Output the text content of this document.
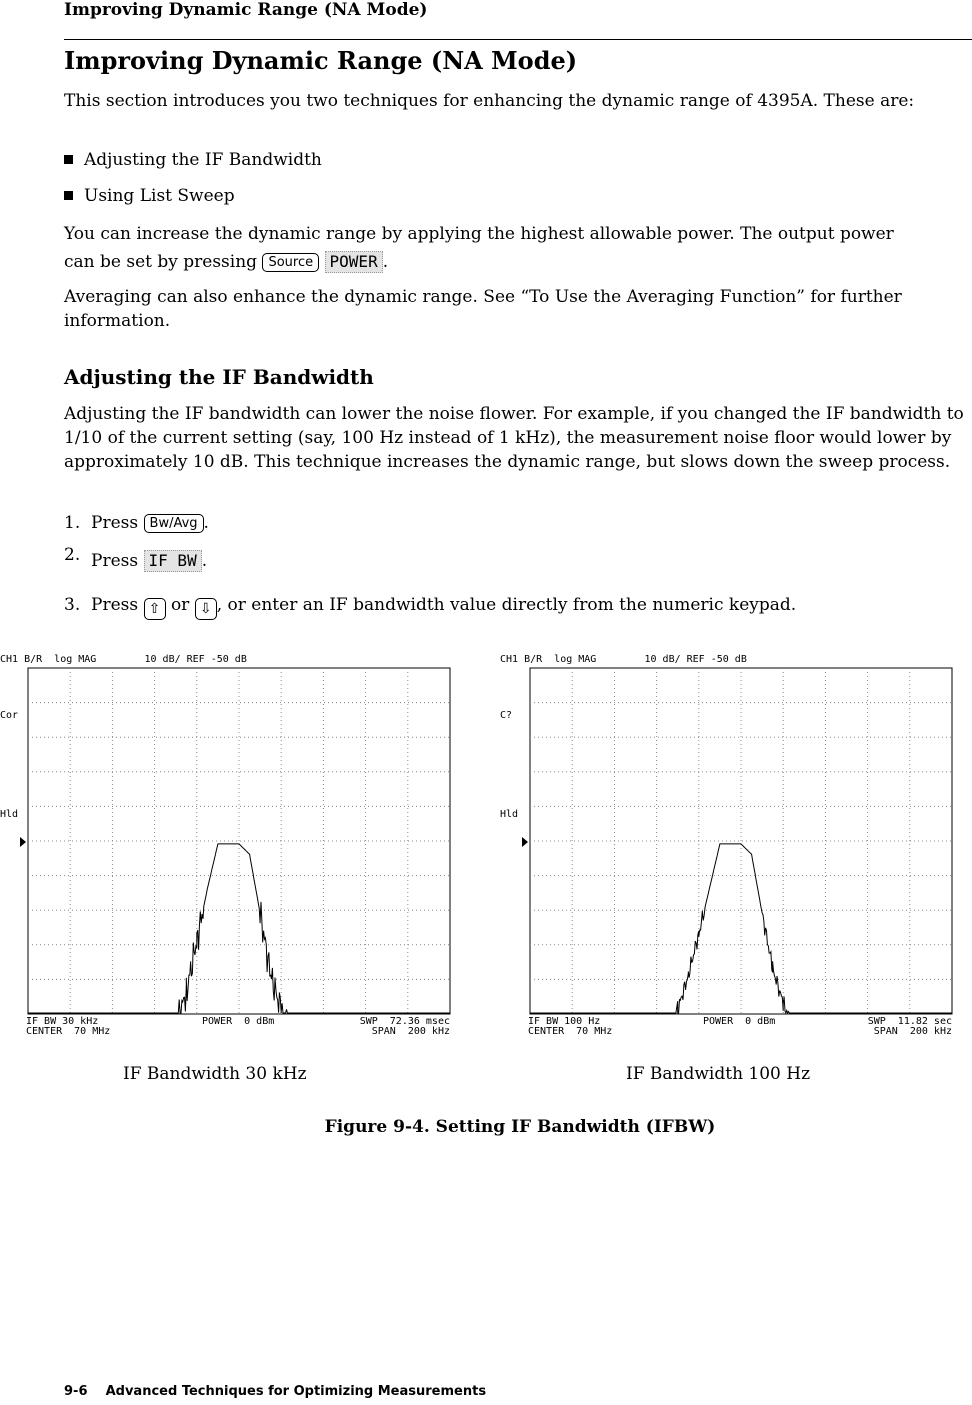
Improving Dynamic Range (NA Mode)
Improving Dynamic Range (NA Mode)

This section introduces you two techniques for enhancing the dynamic range of 4395A. These are:

Adjusting the IF Bandwidth
Using List Sweep

You can increase the dynamic range by applying the highest allowable power. The output power can be set by pressing Source POWER .

Averaging can also enhance the dynamic range. See “To Use the Averaging Function” for further information.

Adjusting the IF Bandwidth

Adjusting the IF bandwidth can lower the noise flower. For example, if you changed the IF bandwidth to 1/10 of the current setting (say, 100 Hz instead of 1 kHz), the measurement noise floor would lower by approximately 10 dB. This technique increases the dynamic range, but slows down the sweep process.

1. Press Bw/Avg .
2. Press IF BW .
3. Press ⇧ or ⇩ , or enter an IF bandwidth value directly from the numeric keypad.
CH1 B/R  log MAG        10 dB/ REF -50 dB
Cor
Hld
IF BW 30 kHz	POWER  0 dBm	SWP  72.36 msec
CENTER  70 MHz	SPAN  200 kHz
CH1 B/R  log MAG        10 dB/ REF -50 dB
C?
Hld
IF BW 100 Hz	POWER  0 dBm	SWP  11.82 sec
CENTER  70 MHz	SPAN  200 kHz
IF Bandwidth 30 kHz	IF Bandwidth 100 Hz
Figure 9-4. Setting IF Bandwidth (IFBW)
9-6    Advanced Techniques for Optimizing Measurements
